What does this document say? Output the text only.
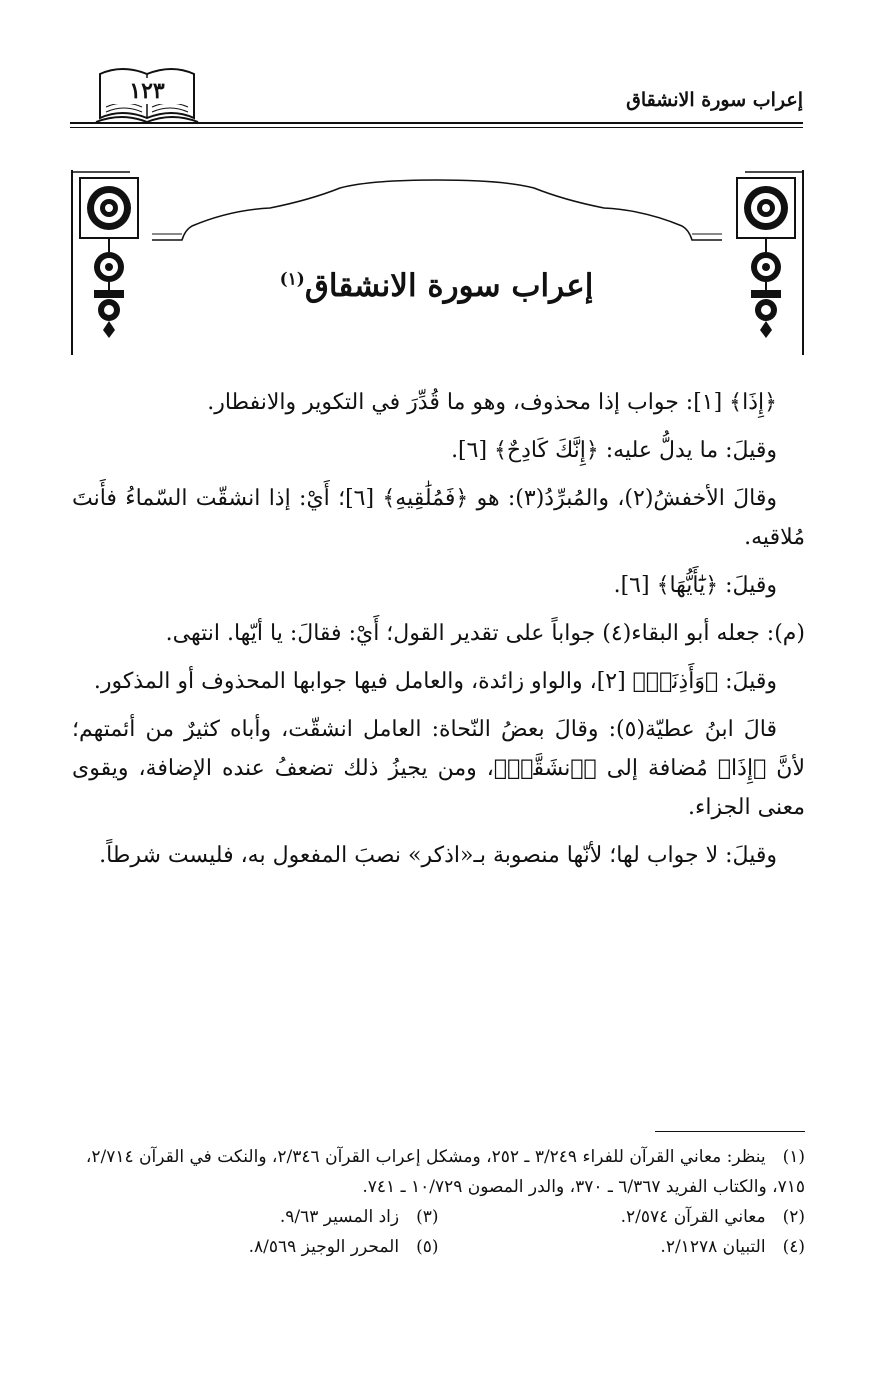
إعراب سورة الانشقاق
١٢٣
إعراب سورة الانشقاق$^{(١)}$

﴿إِذَا﴾ [١]: جواب إذا محذوف، وهو ما قُدِّرَ في التكوير والانفطار.

وقيلَ: ما يدلُّ عليه: ﴿إِنَّكَ كَادِحٌ﴾ [٦].

وقالَ الأخفشُ(٢)، والمُبرِّدُ(٣): هو ﴿فَمُلَٰقِيهِ﴾ [٦]؛ أَيْ: إذا انشقّت السّماءُ فأَنتَ مُلاقيه.

وقيلَ: ﴿يَٰٓأَيُّهَا﴾ [٦].

(م): جعله أبو البقاء(٤) جواباً على تقدير القول؛ أَيْ: فقالَ: يا أيّها. انتهى.

وقيلَ: ﴿وَأَذِنَتۡ﴾ [٢]، والواو زائدة، والعامل فيها جوابها المحذوف أو المذكور.

قالَ ابنُ عطيّة(٥): وقالَ بعضُ النّحاة: العامل انشقّت، وأباه كثيرٌ من أئمتهم؛ لأنَّ ﴿إِذَا﴾ مُضافة إلى ﴿ٱنشَقَّتۡ﴾، ومن يجيزُ ذلك تضعفُ عنده الإضافة، ويقوى معنى الجزاء.

وقيلَ: لا جواب لها؛ لأنّها منصوبة بـ«اذكر» نصبَ المفعول به، فليست شرطاً.

(١) ينظر: معاني القرآن للفراء ٣/٢٤٩ ـ ٢٥٢، ومشكل إعراب القرآن ٢/٣٤٦، والنكت في القرآن ٢/٧١٤، ٧١٥، والكتاب الفريد ٦/٣٦٧ ـ ٣٧٠، والدر المصون ١٠/٧٢٩ ـ ٧٤١.
(٢) معاني القرآن ٢/٥٧٤.
(٣) زاد المسير ٩/٦٣.
(٤) التبيان ٢/١٢٧٨.
(٥) المحرر الوجيز ٨/٥٦٩.
